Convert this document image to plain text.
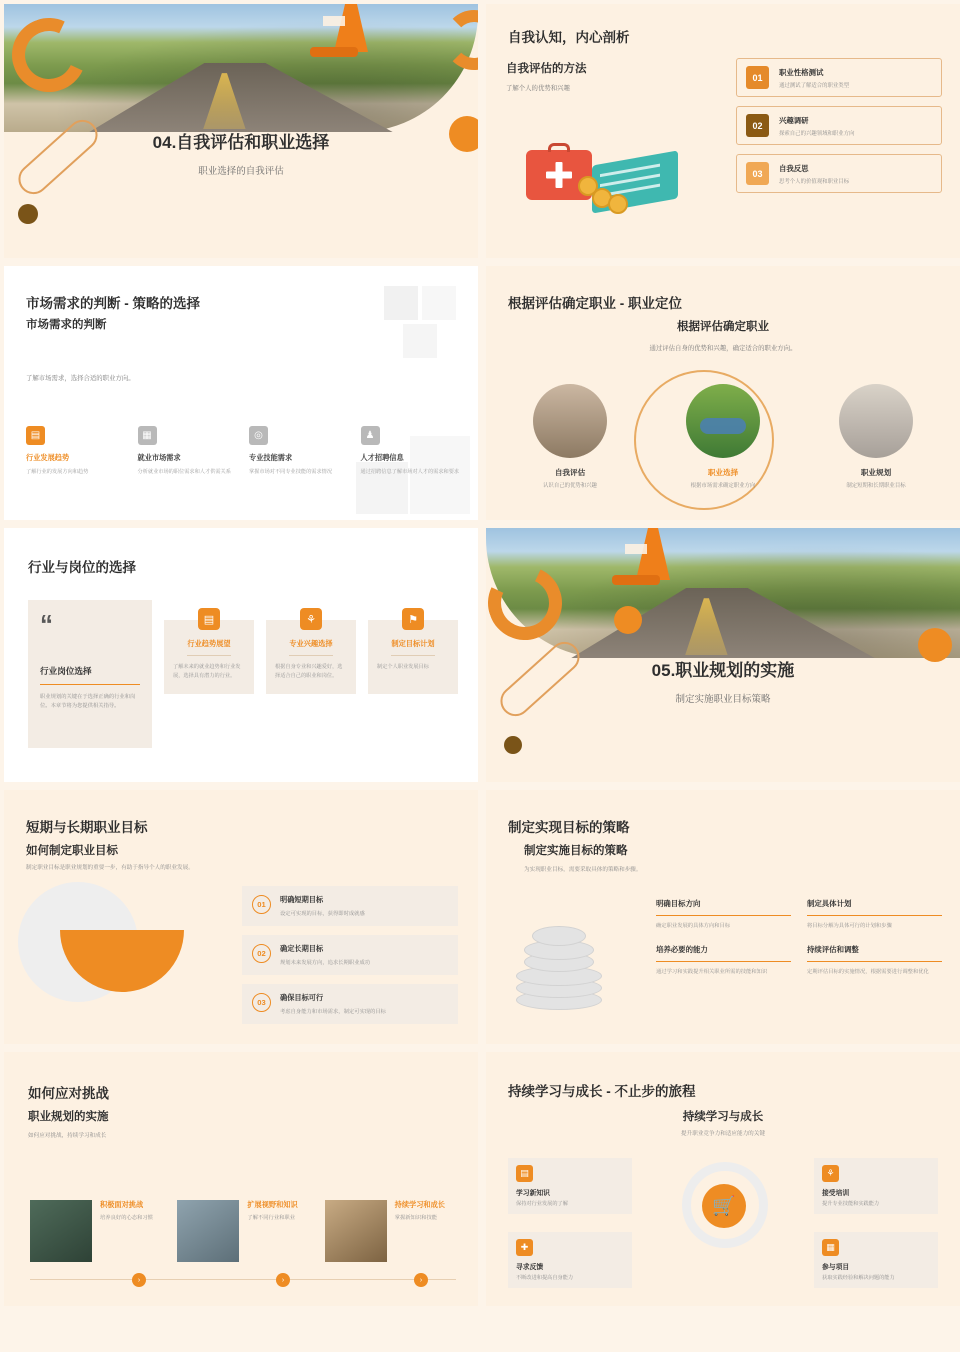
04.自我评估和职业选择
职业选择的自我评估
自我认知，内心剖析
自我评估的方法
了解个人的优势和兴趣
01
职业性格测试
通过测试了解适合的职业类型
02
兴趣调研
探索自己的兴趣领域和职业方向
03
自我反思
思考个人的价值观和职业目标
市场需求的判断 - 策略的选择
市场需求的判断
了解市场需求，选择合适的职业方向。
▤
行业发展趋势
了解行业的发展方向和趋势
▦
就业市场需求
分析就业市场的职位需求和人才供需关系
◎
专业技能需求
掌握市场对不同专业技能的需求情况
♟
人才招聘信息
通过招聘信息了解市场对人才的需求和要求
根据评估确定职业 - 职业定位
根据评估确定职业
通过评估自身的优势和兴趣，确定适合的职业方向。
自我评估
认识自己的优势和兴趣
职业选择
根据市场需求确定职业方向
职业规划
制定短期和长期职业目标
行业与岗位的选择
“
行业岗位选择
职业规划的关键在于选择正确的行业和岗位。本章节将为您提供相关指导。
▤
行业趋势展望
了解未来的就业趋势和行业发展，选择具有潜力的行业。
⚘
专业兴趣选择
根据自身专业和兴趣爱好，选择适合自己的职业和岗位。
⚑
制定目标计划
制定个人职业发展目标	05.职业规划的实施
制定实施职业目标策略
短期与长期职业目标
如何制定职业目标
制定职业目标是职业规划的重要一步，有助于指导个人的职业发展。
01
明确短期目标
设定可实现的目标，获得即时成就感
02
确定长期目标
规划未来发展方向，追求长期职业成功
03
确保目标可行
考虑自身能力和市场需求，制定可实现的目标
制定实现目标的策略
制定实施目标的策略
为实现职业目标，需要采取具体的策略和步骤。
明确目标方向
确定职业发展的具体方向和目标
制定具体计划
将目标分解为具体可行的计划和步骤
培养必要的能力
通过学习和实践提升相关职业所需的技能和知识
持续评估和调整
定期评估目标的实施情况，根据需要进行调整和优化
如何应对挑战
职业规划的实施
如何应对挑战，持续学习和成长
积极面对挑战
培养良好的心态和习惯
扩展视野和知识
了解不同行业和职业
持续学习和成长
掌握新知识和技能
›	›	›
持续学习与成长 - 不止步的旅程
持续学习与成长
提升职业竞争力和适应能力的关键
🛒
▤
学习新知识
保持对行业发展的了解
⚘
接受培训
提升专业技能和实践能力
✚
寻求反馈
不断改进和提高自身能力
▦
参与项目
获取实践经验和解决问题的能力
